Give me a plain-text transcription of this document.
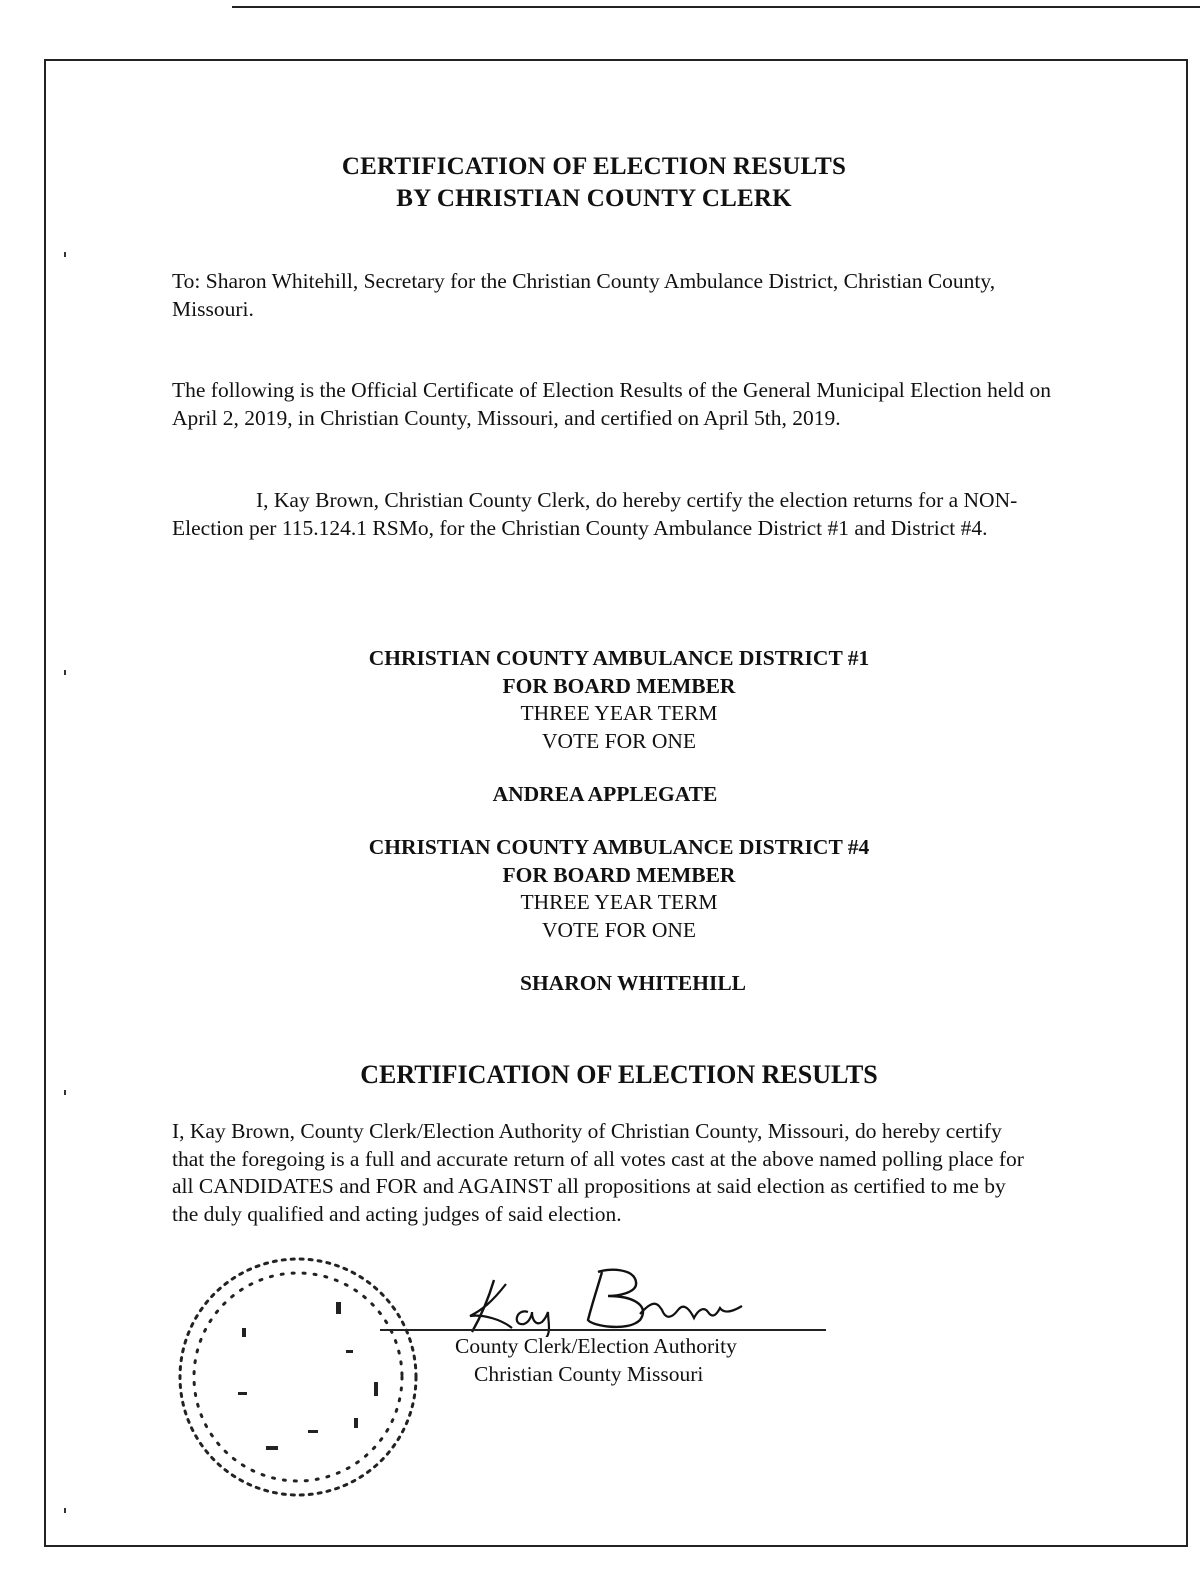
CERTIFICATION OF ELECTION RESULTS
BY CHRISTIAN COUNTY CLERK

To: Sharon Whitehill, Secretary for the Christian County Ambulance District, Christian County, Missouri.

The following is the Official Certificate of Election Results of the General Municipal Election held on April 2, 2019, in Christian County, Missouri, and certified on April 5th, 2019.

I, Kay Brown, Christian County Clerk, do hereby certify the election returns for a NON-Election per 115.124.1 RSMo, for the Christian County Ambulance District #1 and District #4.

CHRISTIAN COUNTY AMBULANCE DISTRICT #1
FOR BOARD MEMBER
THREE YEAR TERM
VOTE FOR ONE
ANDREA APPLEGATE
CHRISTIAN COUNTY AMBULANCE DISTRICT #4
FOR BOARD MEMBER
THREE YEAR TERM
VOTE FOR ONE
SHARON WHITEHILL
CERTIFICATION OF ELECTION RESULTS

I, Kay Brown, County Clerk/Election Authority of Christian County, Missouri, do hereby certify that the foregoing is a full and accurate return of all votes cast at the above named polling place for all CANDIDATES and FOR and AGAINST all propositions at said election as certified to me by the duly qualified and acting judges of said election.

County Clerk/Election Authority
Christian County Missouri
